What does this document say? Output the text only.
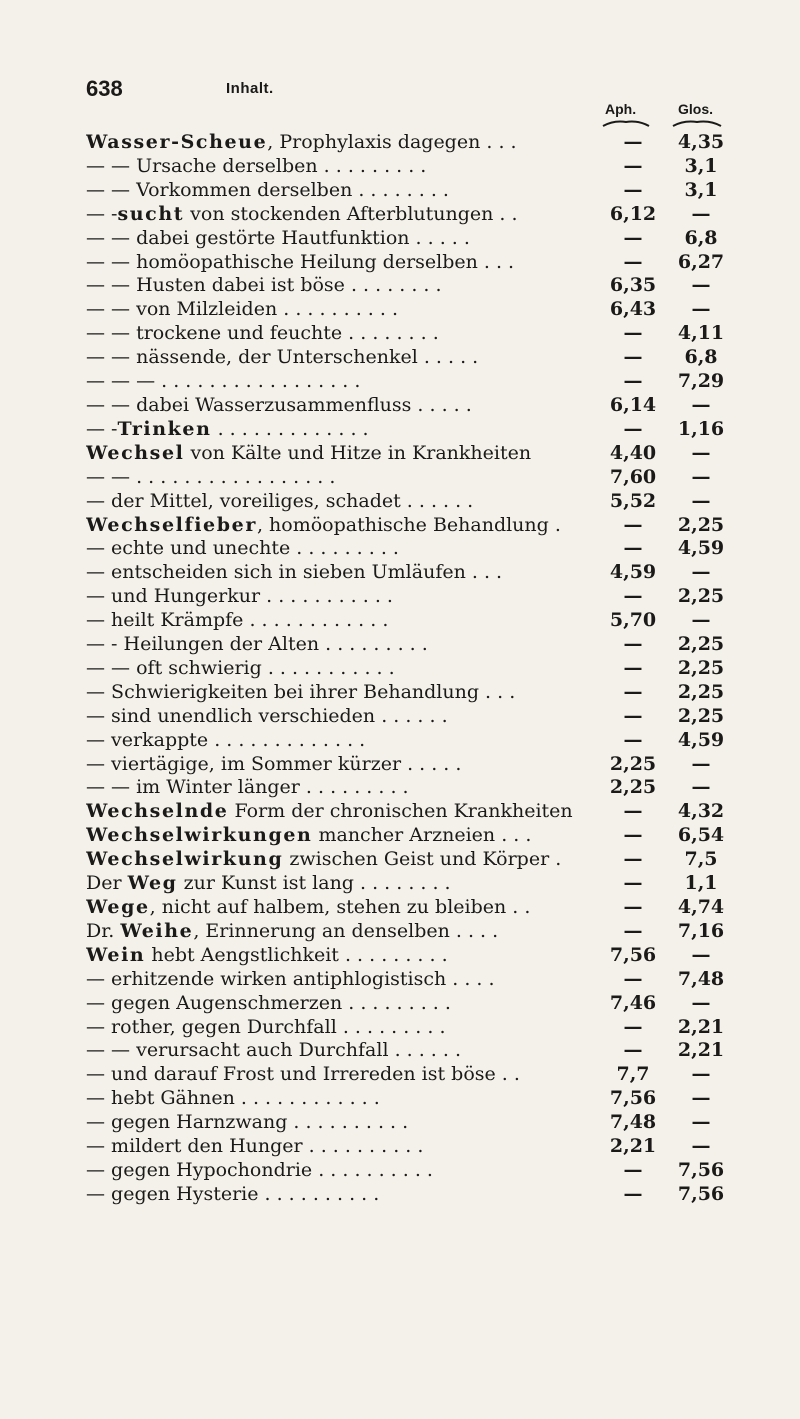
638	Inhalt.
Aph.	Glos.
Wasser-Scheue, Prophylaxis dagegen . . .	—	4,35
— — Ursache derselben . . . . . . . . .	—	3,1
— — Vorkommen derselben . . . . . . . .	—	3,1
— -sucht von stockenden Afterblutungen . .	6,12	—
— — dabei gestörte Hautfunktion . . . . .	—	6,8
— — homöopathische Heilung derselben . . .	—	6,27
— — Husten dabei ist böse . . . . . . . .	6,35	—
— — von Milzleiden . . . . . . . . . .	6,43	—
— — trockene und feuchte . . . . . . . .	—	4,11
— — nässende, der Unterschenkel . . . . .	—	6,8
— — — . . . . . . . . . . . . . . . . .	—	7,29
— — dabei Wasserzusammenfluss . . . . .	6,14	—
— -Trinken . . . . . . . . . . . . .	—	1,16
Wechsel von Kälte und Hitze in Krankheiten	4,40	—
— — . . . . . . . . . . . . . . . . .	7,60	—
— der Mittel, voreiliges, schadet . . . . . .	5,52	—
Wechselfieber, homöopathische Behandlung .	—	2,25
— echte und unechte . . . . . . . . .	—	4,59
— entscheiden sich in sieben Umläufen . . .	4,59	—
— und Hungerkur . . . . . . . . . . .	—	2,25
— heilt Krämpfe . . . . . . . . . . . .	5,70	—
— - Heilungen der Alten . . . . . . . . .	—	2,25
— — oft schwierig . . . . . . . . . . .	—	2,25
— Schwierigkeiten bei ihrer Behandlung . . .	—	2,25
— sind unendlich verschieden . . . . . .	—	2,25
— verkappte . . . . . . . . . . . . .	—	4,59
— viertägige, im Sommer kürzer . . . . .	2,25	—
— — im Winter länger . . . . . . . . .	2,25	—
Wechselnde Form der chronischen Krankheiten	—	4,32
Wechselwirkungen mancher Arzneien . . .	—	6,54
Wechselwirkung zwischen Geist und Körper .	—	7,5
Der Weg zur Kunst ist lang . . . . . . . .	—	1,1
Wege, nicht auf halbem, stehen zu bleiben . .	—	4,74
Dr. Weihe, Erinnerung an denselben . . . .	—	7,16
Wein hebt Aengstlichkeit . . . . . . . . .	7,56	—
— erhitzende wirken antiphlogistisch . . . .	—	7,48
— gegen Augenschmerzen . . . . . . . . .	7,46	—
— rother, gegen Durchfall . . . . . . . . .	—	2,21
— — verursacht auch Durchfall . . . . . .	—	2,21
— und darauf Frost und Irrereden ist böse . .	7,7	—
— hebt Gähnen . . . . . . . . . . . .	7,56	—
— gegen Harnzwang . . . . . . . . . .	7,48	—
— mildert den Hunger . . . . . . . . . .	2,21	—
— gegen Hypochondrie . . . . . . . . . .	—	7,56
— gegen Hysterie . . . . . . . . . .	—	7,56
